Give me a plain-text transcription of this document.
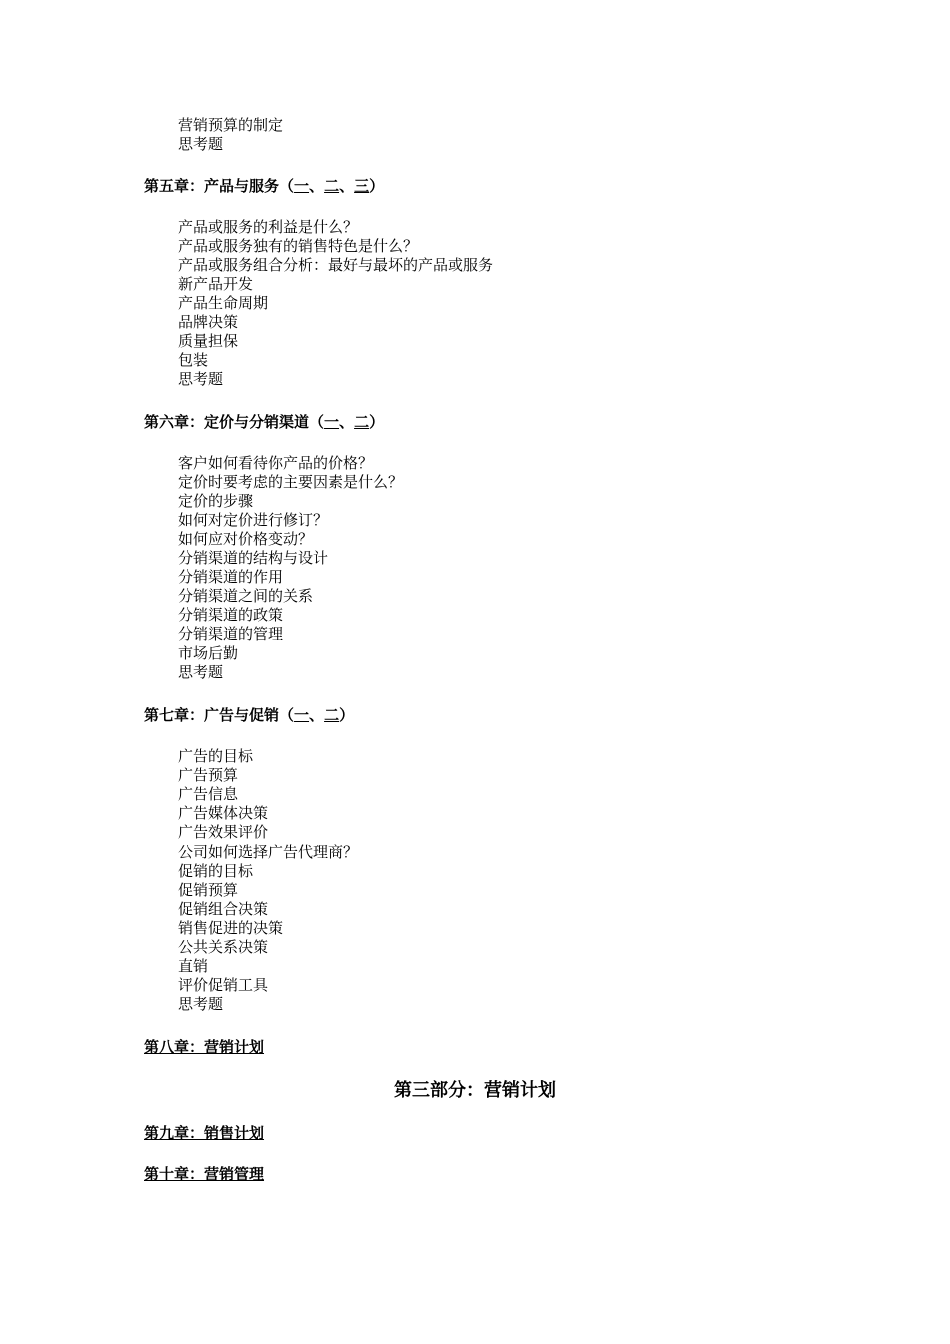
营销预算的制定
思考题
第五章：产品与服务（一、二、三）
产品或服务的利益是什么？
产品或服务独有的销售特色是什么？
产品或服务组合分析：最好与最坏的产品或服务
新产品开发
产品生命周期
品牌决策
质量担保
包装
思考题
第六章：定价与分销渠道（一、二）
客户如何看待你产品的价格？
定价时要考虑的主要因素是什么？
定价的步骤
如何对定价进行修订？
如何应对价格变动？
分销渠道的结构与设计
分销渠道的作用
分销渠道之间的关系
分销渠道的政策
分销渠道的管理
市场后勤
思考题
第七章：广告与促销（一、二）
广告的目标
广告预算
广告信息
广告媒体决策
广告效果评价
公司如何选择广告代理商？
促销的目标
促销预算
促销组合决策
销售促进的决策
公共关系决策
直销
评价促销工具
思考题
第八章：营销计划
第三部分：营销计划
第九章：销售计划
第十章：营销管理
